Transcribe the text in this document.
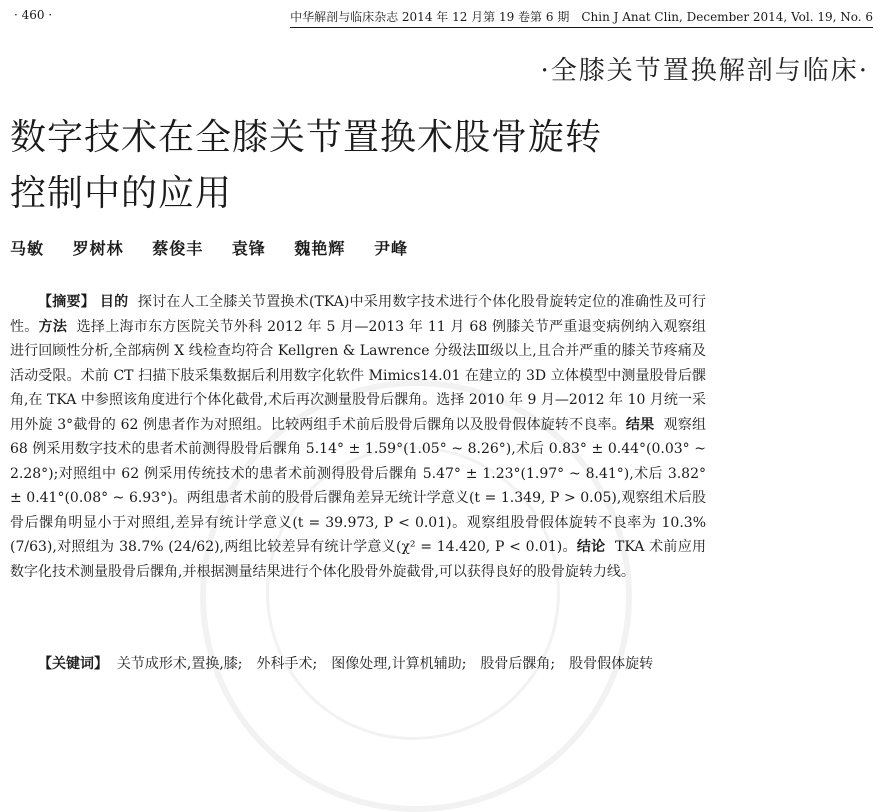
· 460 ·	中华解剖与临床杂志 2014 年 12 月第 19 卷第 6 期　Chin J Anat Clin, December 2014, Vol. 19, No. 6
·全膝关节置换解剖与临床·
数字技术在全膝关节置换术股骨旋转
控制中的应用
马敏 罗树林 蔡俊丰 袁锋 魏艳辉 尹峰

【摘要】 目的 探讨在人工全膝关节置换术(TKA)中采用数字技术进行个体化股骨旋转定位的准确性及可行性。方法 选择上海市东方医院关节外科 2012 年 5 月—2013 年 11 月 68 例膝关节严重退变病例纳入观察组进行回顾性分析,全部病例 X 线检查均符合 Kellgren & Lawrence 分级法Ⅲ级以上,且合并严重的膝关节疼痛及活动受限。术前 CT 扫描下肢采集数据后利用数字化软件 Mimics14.01 在建立的 3D 立体模型中测量股骨后髁角,在 TKA 中参照该角度进行个体化截骨,术后再次测量股骨后髁角。选择 2010 年 9 月—2012 年 10 月统一采用外旋 3°截骨的 62 例患者作为对照组。比较两组手术前后股骨后髁角以及股骨假体旋转不良率。结果 观察组 68 例采用数字技术的患者术前测得股骨后髁角 5.14° ± 1.59°(1.05° ~ 8.26°),术后 0.83° ± 0.44°(0.03° ~ 2.28°);对照组中 62 例采用传统技术的患者术前测得股骨后髁角 5.47° ± 1.23°(1.97° ~ 8.41°),术后 3.82° ± 0.41°(0.08° ~ 6.93°)。两组患者术前的股骨后髁角差异无统计学意义(t = 1.349, P > 0.05),观察组术后股骨后髁角明显小于对照组,差异有统计学意义(t = 39.973, P < 0.01)。观察组股骨假体旋转不良率为 10.3% (7/63),对照组为 38.7% (24/62),两组比较差异有统计学意义(χ² = 14.420, P < 0.01)。结论 TKA 术前应用数字化技术测量股骨后髁角,并根据测量结果进行个体化股骨外旋截骨,可以获得良好的股骨旋转力线。

【关键词】 关节成形术,置换,膝;　外科手术;　图像处理,计算机辅助;　股骨后髁角;　股骨假体旋转
